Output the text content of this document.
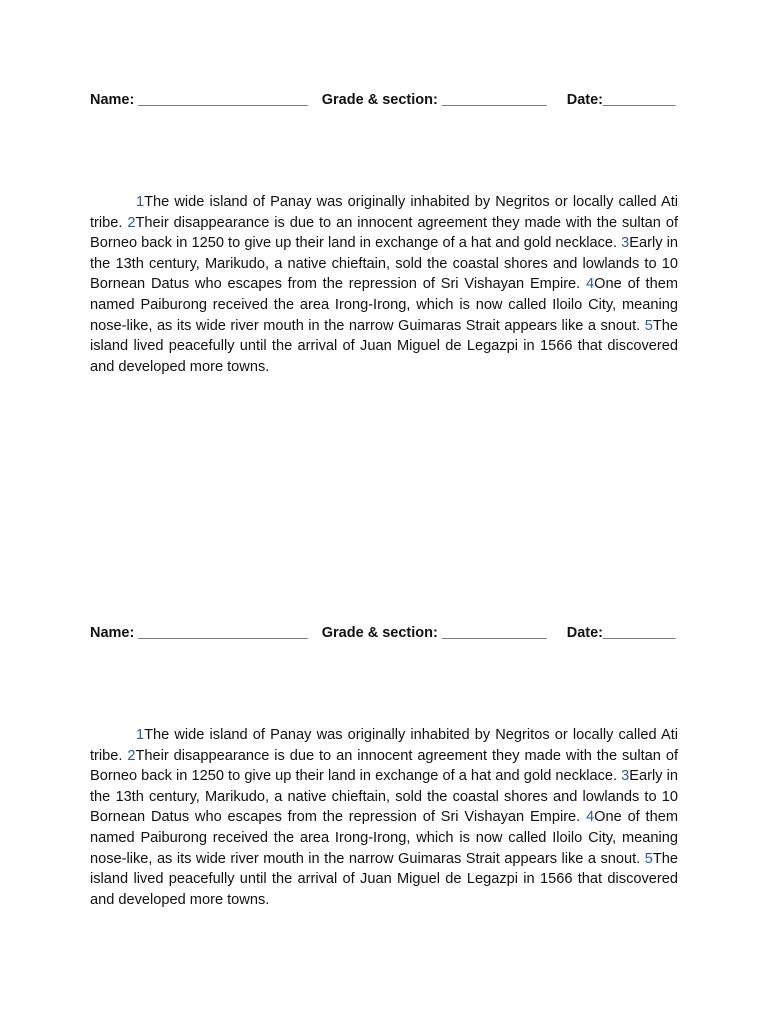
Name: _____________________ Grade & section: _____________ Date:_________

1The wide island of Panay was originally inhabited by Negritos or locally called Ati tribe. 2Their disappearance is due to an innocent agreement they made with the sultan of Borneo back in 1250 to give up their land in exchange of a hat and gold necklace. 3Early in the 13th century, Marikudo, a native chieftain, sold the coastal shores and lowlands to 10 Bornean Datus who escapes from the repression of Sri Vishayan Empire. 4One of them named Paiburong received the area Irong-Irong, which is now called Iloilo City, meaning nose-like, as its wide river mouth in the narrow Guimaras Strait appears like a snout. 5The island lived peacefully until the arrival of Juan Miguel de Legazpi in 1566 that discovered and developed more towns.

Name: _____________________ Grade & section: _____________ Date:_________

1The wide island of Panay was originally inhabited by Negritos or locally called Ati tribe. 2Their disappearance is due to an innocent agreement they made with the sultan of Borneo back in 1250 to give up their land in exchange of a hat and gold necklace. 3Early in the 13th century, Marikudo, a native chieftain, sold the coastal shores and lowlands to 10 Bornean Datus who escapes from the repression of Sri Vishayan Empire. 4One of them named Paiburong received the area Irong-Irong, which is now called Iloilo City, meaning nose-like, as its wide river mouth in the narrow Guimaras Strait appears like a snout. 5The island lived peacefully until the arrival of Juan Miguel de Legazpi in 1566 that discovered and developed more towns.
